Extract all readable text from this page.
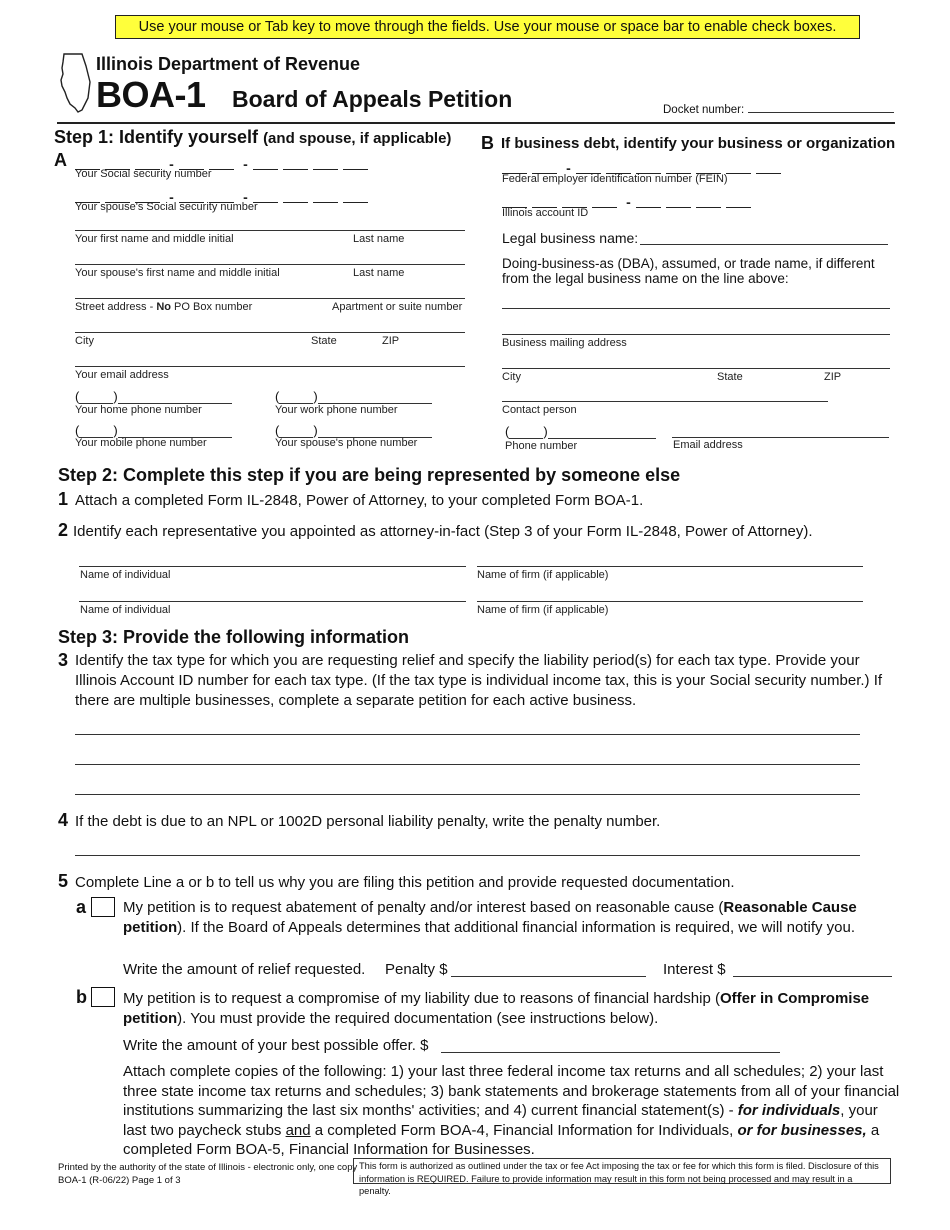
Use your mouse or Tab key to move through the fields. Use your mouse or space bar to enable check boxes.
Illinois Department of Revenue
BOA-1 Board of Appeals Petition	Docket number:
Step 1: Identify yourself (and spouse, if applicable)
A	-	-
Your Social security number
-	-
Your spouse's Social security number
Your first name and middle initial	Last name
Your spouse's first name and middle initial	Last name
Street address - No PO Box number	Apartment or suite number
City	State	ZIP
Your email address
(	)
Your home phone number
(	)
Your work phone number
(	)
Your mobile phone number
(	)
Your spouse's phone number
B If business debt, identify your business or organization
-
Federal employer identification number (FEIN)
-
Illinois account ID
Legal business name:
Doing-business-as (DBA), assumed, or trade name, if different from the legal business name on the line above:
Business mailing address
City	State	ZIP
Contact person
(	)
Phone number	Email address
Step 2: Complete this step if you are being represented by someone else
1 Attach a completed Form IL-2848, Power of Attorney, to your completed Form BOA-1.
2 Identify each representative you appointed as attorney-in-fact (Step 3 of your Form IL-2848, Power of Attorney).
Name of individual	Name of firm (if applicable)
Name of individual	Name of firm (if applicable)
Step 3: Provide the following information
3 Identify the tax type for which you are requesting relief and specify the liability period(s) for each tax type. Provide your Illinois Account ID number for each tax type. (If the tax type is individual income tax, this is your Social security number.) If there are multiple businesses, complete a separate petition for each active business.
4 If the debt is due to an NPL or 1002D personal liability penalty, write the penalty number.
5 Complete Line a or b to tell us why you are filing this petition and provide requested documentation.
a My petition is to request abatement of penalty and/or interest based on reasonable cause (Reasonable Cause petition). If the Board of Appeals determines that additional financial information is required, we will notify you.
Write the amount of relief requested. Penalty $	Interest $
b My petition is to request a compromise of my liability due to reasons of financial hardship (Offer in Compromise petition). You must provide the required documentation (see instructions below).
Write the amount of your best possible offer. $
Attach complete copies of the following: 1) your last three federal income tax returns and all schedules; 2) your last three state income tax returns and schedules; 3) bank statements and brokerage statements from all of your financial institutions summarizing the last six months' activities; and 4) current financial statement(s) - for individuals, your last two paycheck stubs and a completed Form BOA-4, Financial Information for Individuals, or for businesses, a completed Form BOA-5, Financial Information for Businesses.
Printed by the authority of the state of Illinois - electronic only, one copy
BOA-1 (R-06/22) Page 1 of 3
This form is authorized as outlined under the tax or fee Act imposing the tax or fee for which this form is filed. Disclosure of this information is REQUIRED. Failure to provide information may result in this form not being processed and may result in a penalty.
